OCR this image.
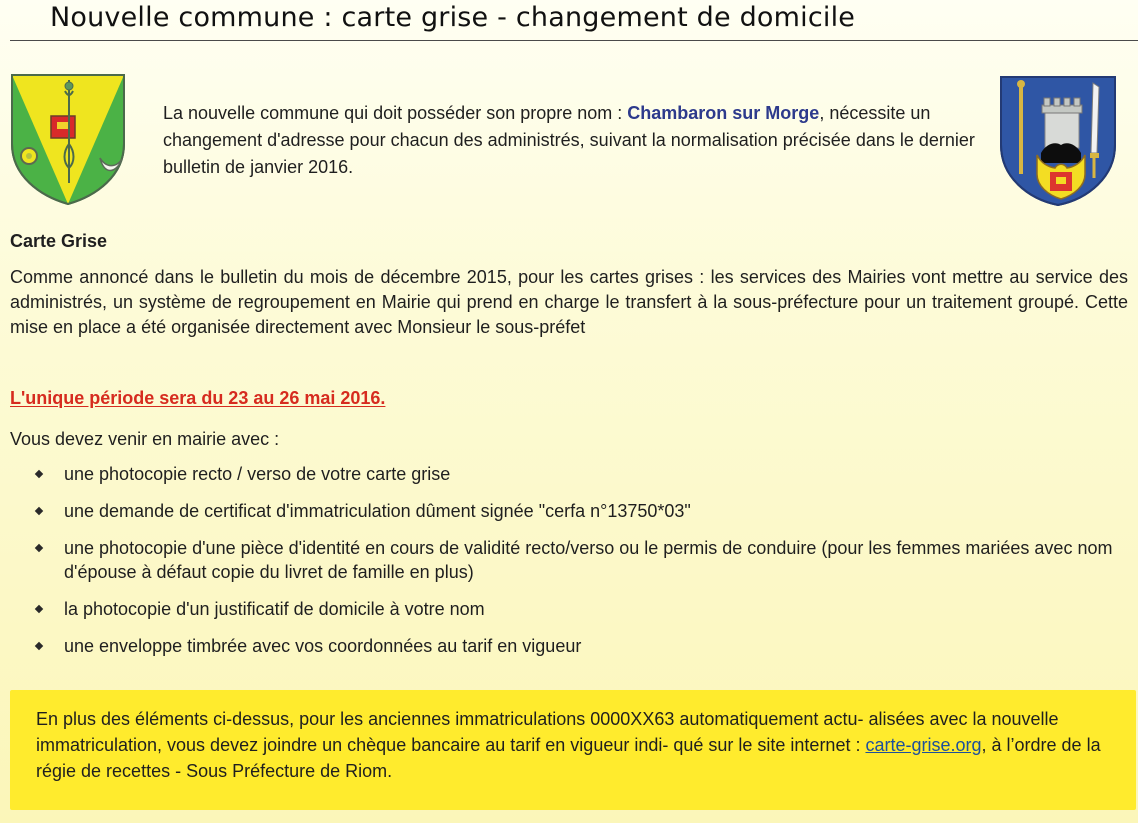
Nouvelle commune : carte grise - changement de domicile
La nouvelle commune qui doit posséder son propre nom : Chambaron sur Morge, nécessite un changement d'adresse pour chacun des administrés, suivant la normalisation précisée dans le dernier bulletin de janvier 2016.
Carte Grise
Comme annoncé dans le bulletin du mois de décembre 2015, pour les cartes grises : les services des Mairies vont mettre au service des administrés, un système de regroupement en Mairie qui prend en charge le transfert à la sous-préfecture pour un traitement groupé. Cette mise en place a été organisée directement avec Monsieur le sous-préfet
L'unique période sera du 23 au 26 mai 2016.
Vous devez venir en mairie avec :
une photocopie recto / verso de votre carte grise
une demande de certificat d'immatriculation dûment signée "cerfa n°13750*03"
une photocopie d'une pièce d'identité en cours de validité recto/verso ou le permis de conduire (pour les femmes mariées avec nom d'épouse à défaut copie du livret de famille en plus)
la photocopie d'un justificatif de domicile à votre nom
une enveloppe timbrée avec vos coordonnées au tarif en vigueur
En plus des éléments ci-dessus, pour les anciennes immatriculations 0000XX63 automatiquement actu- alisées avec la nouvelle immatriculation, vous devez joindre un chèque bancaire au tarif en vigueur indi- qué sur le site internet : carte-grise.org, à l’ordre de la régie de recettes - Sous Préfecture de Riom.
